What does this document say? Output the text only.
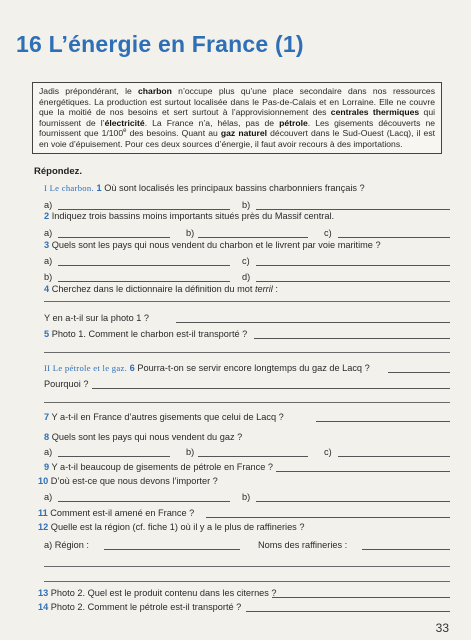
16 L’énergie en France (1)
Jadis prépondérant, le charbon n’occupe plus qu’une place secondaire dans nos ressources énergétiques. La production est surtout localisée dans le Pas-de-Calais et en Lorraine. Elle ne couvre que la moitié de nos besoins et sert surtout à l’approvisionnement des centrales thermiques qui fournissent de l’électricité. La France n’a, hélas, pas de pétrole. Les gisements découverts ne fournissent que 1/100e des besoins. Quant au gaz naturel découvert dans le Sud-Ouest (Lacq), il est en voie d’épuisement. Pour ces deux sources d’énergie, il faut avoir recours à des importations.
Répondez.
I Le charbon. 1 Où sont localisés les principaux bassins charbonniers français ?
a)	b)
2 Indiquez trois bassins moins importants situés près du Massif central.
a)	b)	c)
3 Quels sont les pays qui nous vendent du charbon et le livrent par voie maritime ?
a)	c)
b)	d)
4 Cherchez dans le dictionnaire la définition du mot terril :
Y en a-t-il sur la photo 1 ?
5 Photo 1. Comment le charbon est-il transporté ?
II Le pétrole et le gaz. 6 Pourra-t-on se servir encore longtemps du gaz de Lacq ?
Pourquoi ?
7 Y a-t-il en France d’autres gisements que celui de Lacq ?
8 Quels sont les pays qui nous vendent du gaz ?
a)	b)	c)
9 Y a-t-il beaucoup de gisements de pétrole en France ?
10 D’où est-ce que nous devons l’importer ?
a)	b)
11 Comment est-il amené en France ?
12 Quelle est la région (cf. fiche 1) où il y a le plus de raffineries ?
a) Région :	Noms des raffineries :
13 Photo 2. Quel est le produit contenu dans les citernes ?
14 Photo 2. Comment le pétrole est-il transporté ?
33
